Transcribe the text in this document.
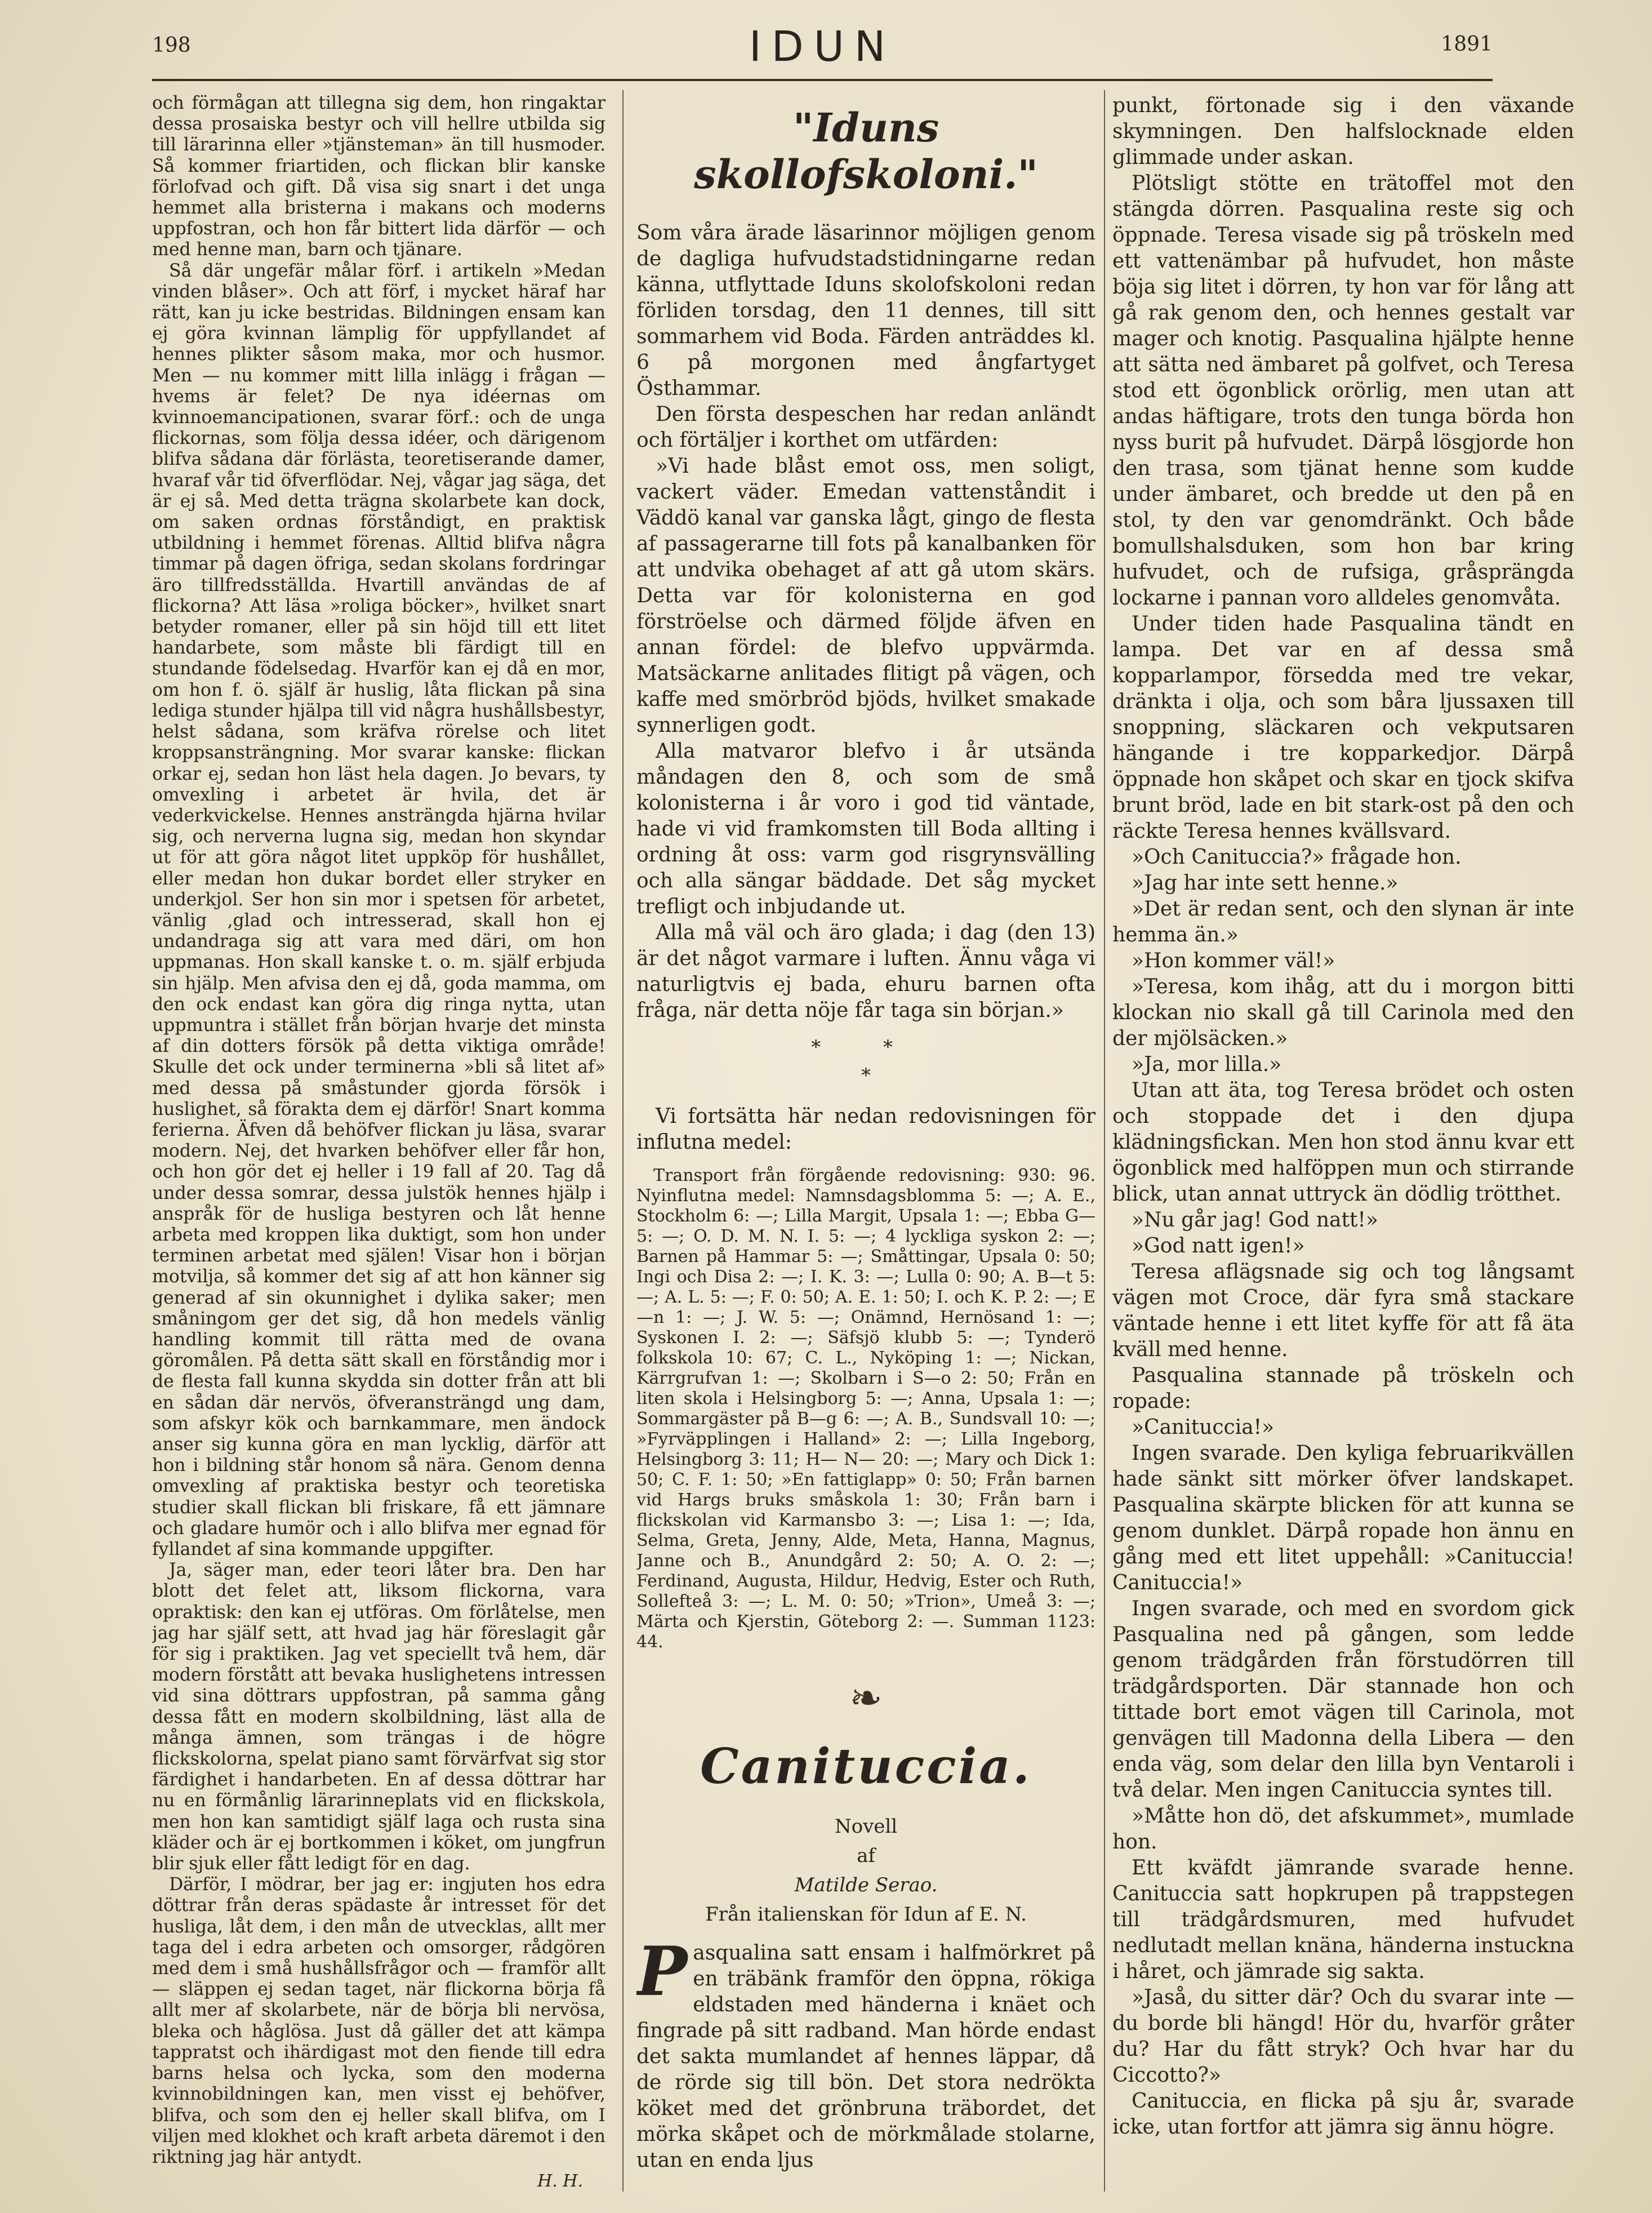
198	IDUN	1891

och förmågan att tillegna sig dem, hon ringaktar dessa prosaiska bestyr och vill hellre utbilda sig till lärarinna eller »tjänsteman» än till husmoder. Så kommer friartiden, och flickan blir kanske förlofvad och gift. Då visa sig snart i det unga hemmet alla bristerna i makans och moderns uppfostran, och hon får bittert lida därför — och med henne man, barn och tjänare.

Så där ungefär målar förf. i artikeln »Medan vinden blåser». Och att förf, i mycket häraf har rätt, kan ju icke bestridas. Bildningen ensam kan ej göra kvinnan lämplig för uppfyllandet af hennes plikter såsom maka, mor och husmor. Men — nu kommer mitt lilla inlägg i frågan — hvems är felet? De nya idéernas om kvinnoemancipationen, svarar förf.: och de unga flickornas, som följa dessa idéer, och därigenom blifva sådana där förlästa, teoretiserande damer, hvaraf vår tid öfverflödar. Nej, vågar jag säga, det är ej så. Med detta trägna skolarbete kan dock, om saken ordnas förståndigt, en praktisk utbildning i hemmet förenas. Alltid blifva några timmar på dagen öfriga, sedan skolans fordringar äro tillfredsställda. Hvartill användas de af flickorna? Att läsa »roliga böcker», hvilket snart betyder romaner, eller på sin höjd till ett litet handarbete, som måste bli färdigt till en stundande födelsedag. Hvarför kan ej då en mor, om hon f. ö. själf är huslig, låta flickan på sina lediga stunder hjälpa till vid några hushållsbestyr, helst sådana, som kräfva rörelse och litet kroppsansträngning. Mor svarar kanske: flickan orkar ej, sedan hon läst hela dagen. Jo bevars, ty omvexling i arbetet är hvila, det är vederkvickelse. Hennes ansträngda hjärna hvilar sig, och nerverna lugna sig, medan hon skyndar ut för att göra något litet uppköp för hushållet, eller medan hon dukar bordet eller stryker en underkjol. Ser hon sin mor i spetsen för arbetet, vänlig ,glad och intresserad, skall hon ej undandraga sig att vara med däri, om hon uppmanas. Hon skall kanske t. o. m. själf erbjuda sin hjälp. Men afvisa den ej då, goda mamma, om den ock endast kan göra dig ringa nytta, utan uppmuntra i stället från början hvarje det minsta af din dotters försök på detta viktiga område! Skulle det ock under terminerna »bli så litet af» med dessa på småstunder gjorda försök i huslighet, så förakta dem ej därför! Snart komma ferierna. Äfven då behöfver flickan ju läsa, svarar modern. Nej, det hvarken behöfver eller får hon, och hon gör det ej heller i 19 fall af 20. Tag då under dessa somrar, dessa julstök hennes hjälp i anspråk för de husliga bestyren och låt henne arbeta med kroppen lika duktigt, som hon under terminen arbetat med själen! Visar hon i början motvilja, så kommer det sig af att hon känner sig generad af sin okunnighet i dylika saker; men småningom ger det sig, då hon medels vänlig handling kommit till rätta med de ovana göromålen. På detta sätt skall en förståndig mor i de flesta fall kunna skydda sin dotter från att bli en sådan där nervös, öfveransträngd ung dam, som afskyr kök och barnkammare, men ändock anser sig kunna göra en man lycklig, därför att hon i bildning står honom så nära. Genom denna omvexling af praktiska bestyr och teoretiska studier skall flickan bli friskare, få ett jämnare och gladare humör och i allo blifva mer egnad för fyllandet af sina kommande uppgifter.

Ja, säger man, eder teori låter bra. Den har blott det felet att, liksom flickorna, vara opraktisk: den kan ej utföras. Om förlåtelse, men jag har själf sett, att hvad jag här föreslagit går för sig i praktiken. Jag vet speciellt två hem, där modern förstått att bevaka huslighetens intressen vid sina döttrars uppfostran, på samma gång dessa fått en modern skolbildning, läst alla de många ämnen, som trängas i de högre flickskolorna, spelat piano samt förvärfvat sig stor färdighet i handarbeten. En af dessa döttrar har nu en förmånlig lärarinneplats vid en flickskola, men hon kan samtidigt själf laga och rusta sina kläder och är ej bortkommen i köket, om jungfrun blir sjuk eller fått ledigt för en dag.

Därför, I mödrar, ber jag er: ingjuten hos edra döttrar från deras spädaste år intresset för det husliga, låt dem, i den mån de utvecklas, allt mer taga del i edra arbeten och omsorger, rådgören med dem i små hushållsfrågor och — framför allt — släppen ej sedan taget, när flickorna börja få allt mer af skolarbete, när de börja bli nervösa, bleka och håglösa. Just då gäller det att kämpa tappratst och ihärdigast mot den fiende till edra barns helsa och lycka, som den moderna kvinnobildningen kan, men visst ej behöfver, blifva, och som den ej heller skall blifva, om I viljen med klokhet och kraft arbeta däremot i den riktning jag här antydt.

H. H.
"Iduns skollofskoloni."

Som våra ärade läsarinnor möjligen genom de dagliga hufvudstadstidningarne redan känna, utflyttade Iduns skolofskoloni redan förliden torsdag, den 11 dennes, till sitt sommarhem vid Boda. Färden anträddes kl. 6 på morgonen med ångfartyget Östhammar.

Den första despeschen har redan anländt och förtäljer i korthet om utfärden:

»Vi hade blåst emot oss, men soligt, vackert väder. Emedan vattenståndit i Väddö kanal var ganska lågt, gingo de flesta af passagerarne till fots på kanalbanken för att undvika obehaget af att gå utom skärs. Detta var för kolonisterna en god förströelse och därmed följde äfven en annan fördel: de blefvo uppvärmda. Matsäckarne anlitades flitigt på vägen, och kaffe med smörbröd bjöds, hvilket smakade synnerligen godt.

Alla matvaror blefvo i år utsända måndagen den 8, och som de små kolonisterna i år voro i god tid väntade, hade vi vid framkomsten till Boda allting i ordning åt oss: varm god risgrynsvälling och alla sängar bäddade. Det såg mycket trefligt och inbjudande ut.

Alla må väl och äro glada; i dag (den 13) är det något varmare i luften. Ännu våga vi naturligtvis ej bada, ehuru barnen ofta fråga, när detta nöje får taga sin början.»

* *
*

Vi fortsätta här nedan redovisningen för influtna medel:

Transport från förgående redovisning: 930: 96. Nyinflutna medel: Namnsdagsblomma 5: —; A. E., Stockholm 6: —; Lilla Margit, Upsala 1: —; Ebba G— 5: —; O. D. M. N. I. 5: —; 4 lyckliga syskon 2: —; Barnen på Hammar 5: —; Småttingar, Upsala 0: 50; Ingi och Disa 2: —; I. K. 3: —; Lulla 0: 90; A. B—t 5: —; A. L. 5: —; F. 0: 50; A. E. 1: 50; I. och K. P. 2: —; E—n 1: —; J. W. 5: —; Onämnd, Hernösand 1: —; Syskonen I. 2: —; Säfsjö klubb 5: —; Tynderö folkskola 10: 67; C. L., Nyköping 1: —; Nickan, Kärrgrufvan 1: —; Skolbarn i S—o 2: 50; Från en liten skola i Helsingborg 5: —; Anna, Upsala 1: —; Sommargäster på B—g 6: —; A. B., Sundsvall 10: —; »Fyrväpplingen i Halland» 2: —; Lilla Ingeborg, Helsingborg 3: 11; H— N— 20: —; Mary och Dick 1: 50; C. F. 1: 50; »En fattiglapp» 0: 50; Från barnen vid Hargs bruks småskola 1: 30; Från barn i flickskolan vid Karmansbo 3: —; Lisa 1: —; Ida, Selma, Greta, Jenny, Alde, Meta, Hanna, Magnus, Janne och B., Anundgård 2: 50; A. O. 2: —; Ferdinand, Augusta, Hildur, Hedvig, Ester och Ruth, Sollefteå 3: —; L. M. 0: 50; »Trion», Umeå 3: —; Märta och Kjerstin, Göteborg 2: —. Summan 1123: 44.

❧
Canituccia.
Novell
af
Matilde Serao.
Från italienskan för Idun af E. N.

Pasqualina satt ensam i halfmörkret på en träbänk framför den öppna, rökiga eldstaden med händerna i knäet och fingrade på sitt radband. Man hörde endast det sakta mumlandet af hennes läppar, då de rörde sig till bön. Det stora nedrökta köket med det grönbruna träbordet, det mörka skåpet och de mörkmålade stolarne, utan en enda ljus

punkt, förtonade sig i den växande skymningen. Den halfslocknade elden glimmade under askan.

Plötsligt stötte en trätoffel mot den stängda dörren. Pasqualina reste sig och öppnade. Teresa visade sig på tröskeln med ett vattenämbar på hufvudet, hon måste böja sig litet i dörren, ty hon var för lång att gå rak genom den, och hennes gestalt var mager och knotig. Pasqualina hjälpte henne att sätta ned ämbaret på golfvet, och Teresa stod ett ögonblick orörlig, men utan att andas häftigare, trots den tunga börda hon nyss burit på hufvudet. Därpå lösgjorde hon den trasa, som tjänat henne som kudde under ämbaret, och bredde ut den på en stol, ty den var genomdränkt. Och både bomullshalsduken, som hon bar kring hufvudet, och de rufsiga, gråsprängda lockarne i pannan voro alldeles genomvåta.

Under tiden hade Pasqualina tändt en lampa. Det var en af dessa små kopparlampor, försedda med tre vekar, dränkta i olja, och som båra ljussaxen till snoppning, släckaren och vekputsaren hängande i tre kopparkedjor. Därpå öppnade hon skåpet och skar en tjock skifva brunt bröd, lade en bit stark-ost på den och räckte Teresa hennes kvällsvard.

»Och Canituccia?» frågade hon.

»Jag har inte sett henne.»

»Det är redan sent, och den slynan är inte hemma än.»

»Hon kommer väl!»

»Teresa, kom ihåg, att du i morgon bitti klockan nio skall gå till Carinola med den der mjölsäcken.»

»Ja, mor lilla.»

Utan att äta, tog Teresa brödet och osten och stoppade det i den djupa klädningsfickan. Men hon stod ännu kvar ett ögonblick med halföppen mun och stirrande blick, utan annat uttryck än dödlig trötthet.

»Nu går jag! God natt!»

»God natt igen!»

Teresa aflägsnade sig och tog långsamt vägen mot Croce, där fyra små stackare väntade henne i ett litet kyffe för att få äta kväll med henne.

Pasqualina stannade på tröskeln och ropade:

»Canituccia!»

Ingen svarade. Den kyliga februarikvällen hade sänkt sitt mörker öfver landskapet. Pasqualina skärpte blicken för att kunna se genom dunklet. Därpå ropade hon ännu en gång med ett litet uppehåll: »Canituccia! Canituccia!»

Ingen svarade, och med en svordom gick Pasqualina ned på gången, som ledde genom trädgården från förstudörren till trädgårdsporten. Där stannade hon och tittade bort emot vägen till Carinola, mot genvägen till Madonna della Libera — den enda väg, som delar den lilla byn Ventaroli i två delar. Men ingen Canituccia syntes till.

»Måtte hon dö, det afskummet», mumlade hon.

Ett kväfdt jämrande svarade henne. Canituccia satt hopkrupen på trappstegen till trädgårdsmuren, med hufvudet nedlutadt mellan knäna, händerna instuckna i håret, och jämrade sig sakta.

»Jaså, du sitter där? Och du svarar inte — du borde bli hängd! Hör du, hvarför gråter du? Har du fått stryk? Och hvar har du Ciccotto?»

Canituccia, en flicka på sju år, svarade icke, utan fortfor att jämra sig ännu högre.
